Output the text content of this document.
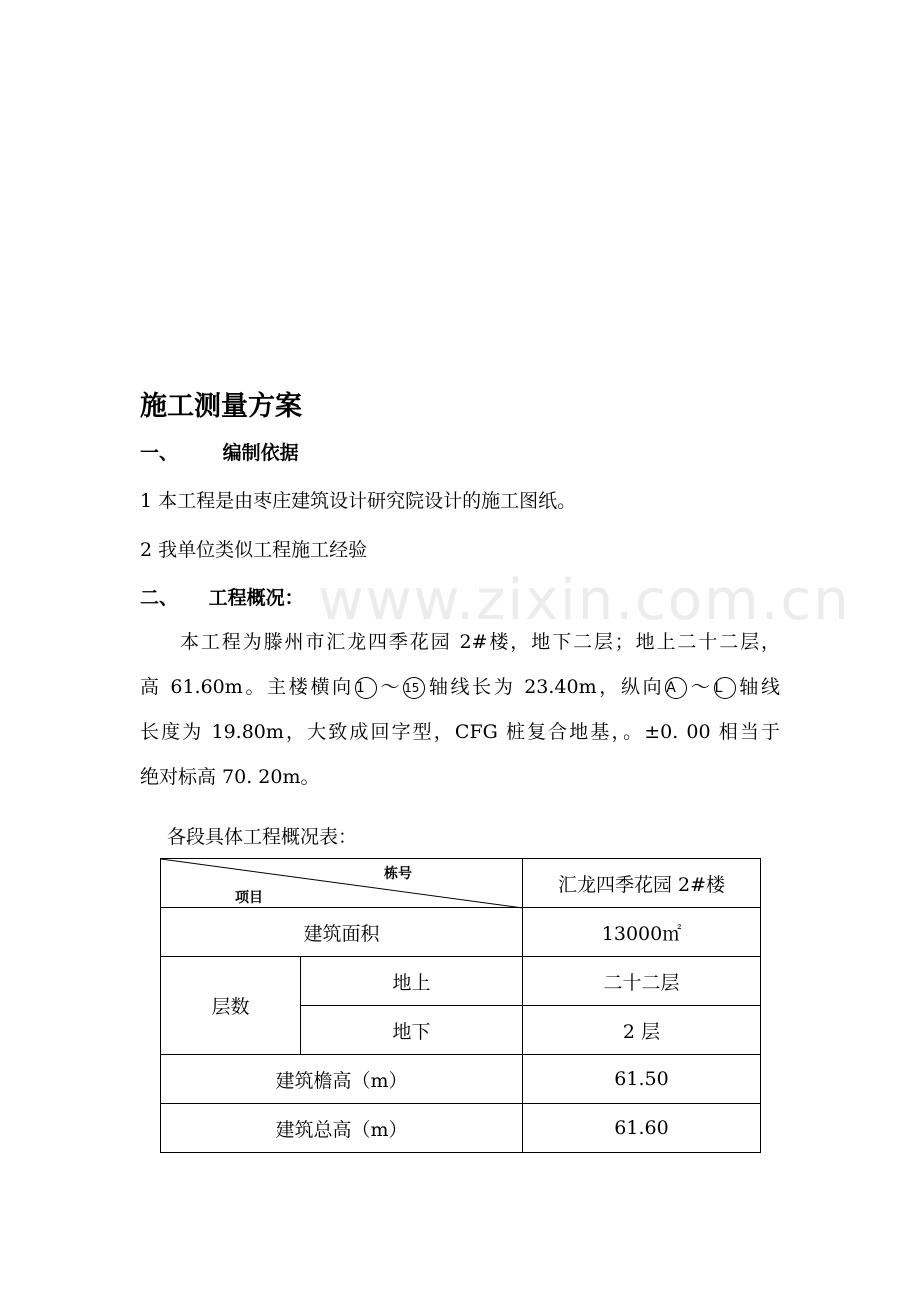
www.zixin.com.cn
施工测量方案
一、 编制依据
1 本工程是由枣庄建筑设计研究院设计的施工图纸。
2 我单位类似工程施工经验
二、 工程概况：
本工程为滕州市汇龙四季花园 2#楼，地下二层；地上二十二层，
高 61.60m。主楼横向 1 ～ 15 轴线长为 23.40m，纵向 A ～ L 轴线
长度为 19.80m，大致成回字型，CFG 桩复合地基，。±0. 00 相当于
绝对标高 70. 20m。
各段具体工程概况表：
栋号
项目		汇龙四季花园 2#楼
建筑面积		13000㎡
层数	地上	二十二层
	地下	2 层
建筑檐高（m）		61.50
建筑总高（m）		61.60
